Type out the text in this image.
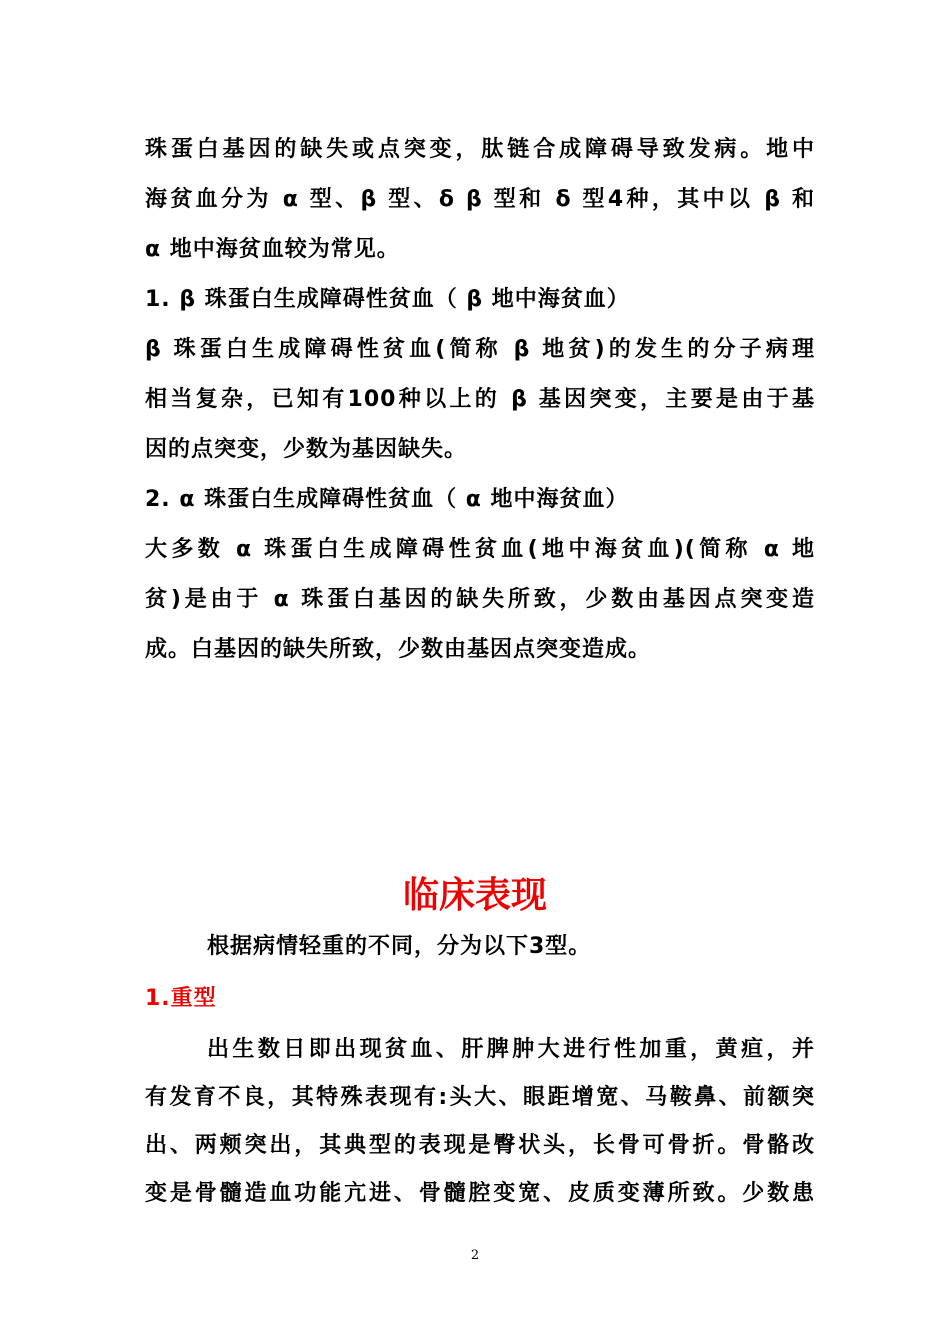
珠蛋白基因的缺失或点突变，肽链合成障碍导致发病。地中
海贫血分为 α 型、β 型、δ β 型和 δ 型4种，其中以 β 和
α 地中海贫血较为常见。
1. β 珠蛋白生成障碍性贫血（ β 地中海贫血）
β 珠蛋白生成障碍性贫血(简称 β 地贫)的发生的分子病理
相当复杂，已知有100种以上的 β 基因突变，主要是由于基
因的点突变，少数为基因缺失。
2. α 珠蛋白生成障碍性贫血（ α 地中海贫血）
大多数 α 珠蛋白生成障碍性贫血(地中海贫血)(简称 α 地
贫)是由于 α 珠蛋白基因的缺失所致，少数由基因点突变造
成。白基因的缺失所致，少数由基因点突变造成。
临床表现
根据病情轻重的不同，分为以下3型。
1.重型
出生数日即出现贫血、肝脾肿大进行性加重，黄疸，并
有发育不良，其特殊表现有:头大、眼距增宽、马鞍鼻、前额突
出、两颊突出，其典型的表现是臀状头，长骨可骨折。骨骼改
变是骨髓造血功能亢进、骨髓腔变宽、皮质变薄所致。少数患
2
